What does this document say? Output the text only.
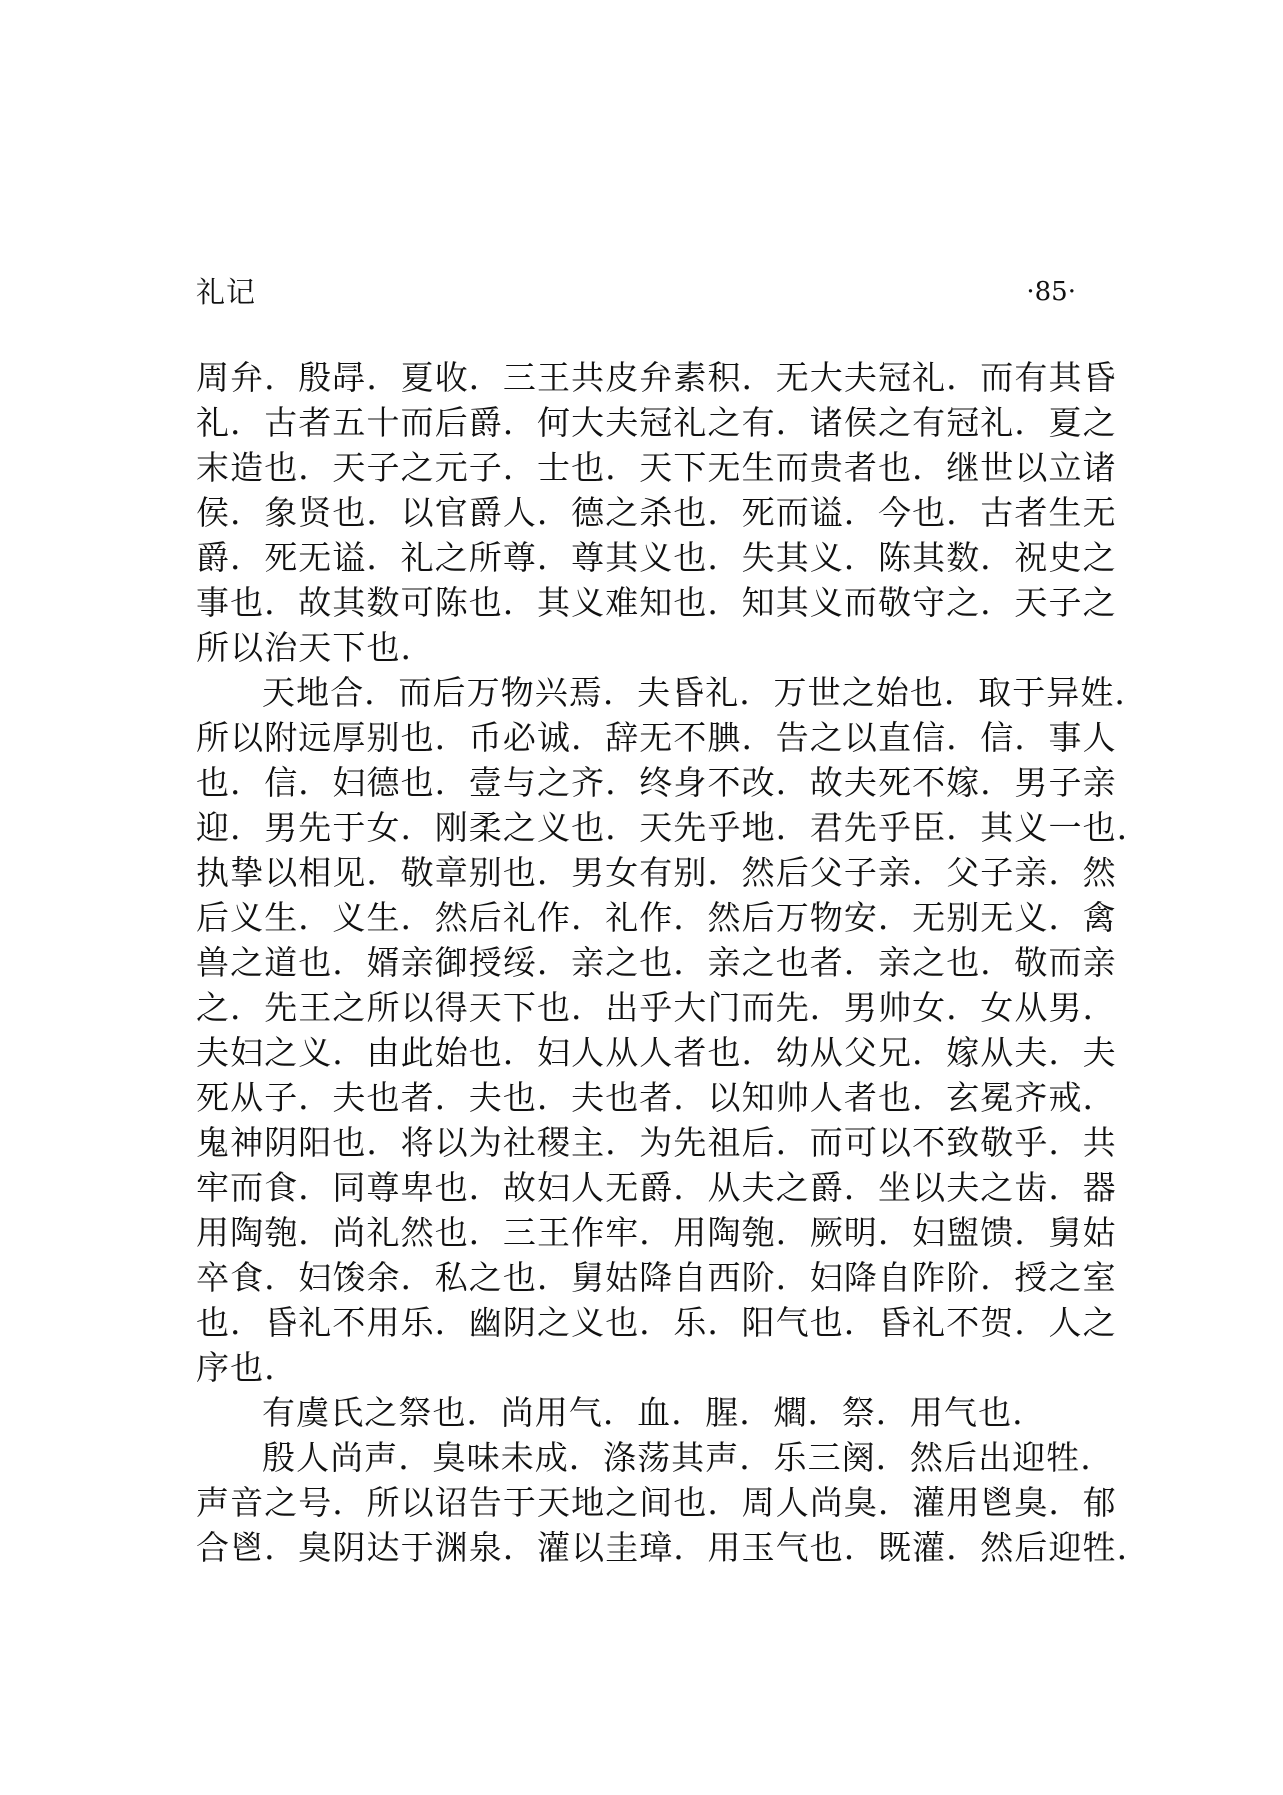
礼记	·85·
周弁．殷冔．夏收．三王共皮弁素积．无大夫冠礼．而有其昏
礼．古者五十而后爵．何大夫冠礼之有．诸侯之有冠礼．夏之
末造也．天子之元子．士也．天下无生而贵者也．继世以立诸
侯．象贤也．以官爵人．德之杀也．死而谥．今也．古者生无
爵．死无谥．礼之所尊．尊其义也．失其义．陈其数．祝史之
事也．故其数可陈也．其义难知也．知其义而敬守之．天子之
所以治天下也．
天地合．而后万物兴焉．夫昏礼．万世之始也．取于异姓．
所以附远厚别也．币必诚．辞无不腆．告之以直信．信．事人
也．信．妇德也．壹与之齐．终身不改．故夫死不嫁．男子亲
迎．男先于女．刚柔之义也．天先乎地．君先乎臣．其义一也．
执挚以相见．敬章别也．男女有别．然后父子亲．父子亲．然
后义生．义生．然后礼作．礼作．然后万物安．无别无义．禽
兽之道也．婿亲御授绥．亲之也．亲之也者．亲之也．敬而亲
之．先王之所以得天下也．出乎大门而先．男帅女．女从男．
夫妇之义．由此始也．妇人从人者也．幼从父兄．嫁从夫．夫
死从子．夫也者．夫也．夫也者．以知帅人者也．玄冕齐戒．
鬼神阴阳也．将以为社稷主．为先祖后．而可以不致敬乎．共
牢而食．同尊卑也．故妇人无爵．从夫之爵．坐以夫之齿．器
用陶匏．尚礼然也．三王作牢．用陶匏．厥明．妇盥馈．舅姑
卒食．妇馂余．私之也．舅姑降自西阶．妇降自阼阶．授之室
也．昏礼不用乐．幽阴之义也．乐．阳气也．昏礼不贺．人之
序也．
有虞氏之祭也．尚用气．血．腥．爓．祭．用气也．
殷人尚声．臭味未成．涤荡其声．乐三阕．然后出迎牲．
声音之号．所以诏告于天地之间也．周人尚臭．灌用鬯臭．郁
合鬯．臭阴达于渊泉．灌以圭璋．用玉气也．既灌．然后迎牲．
